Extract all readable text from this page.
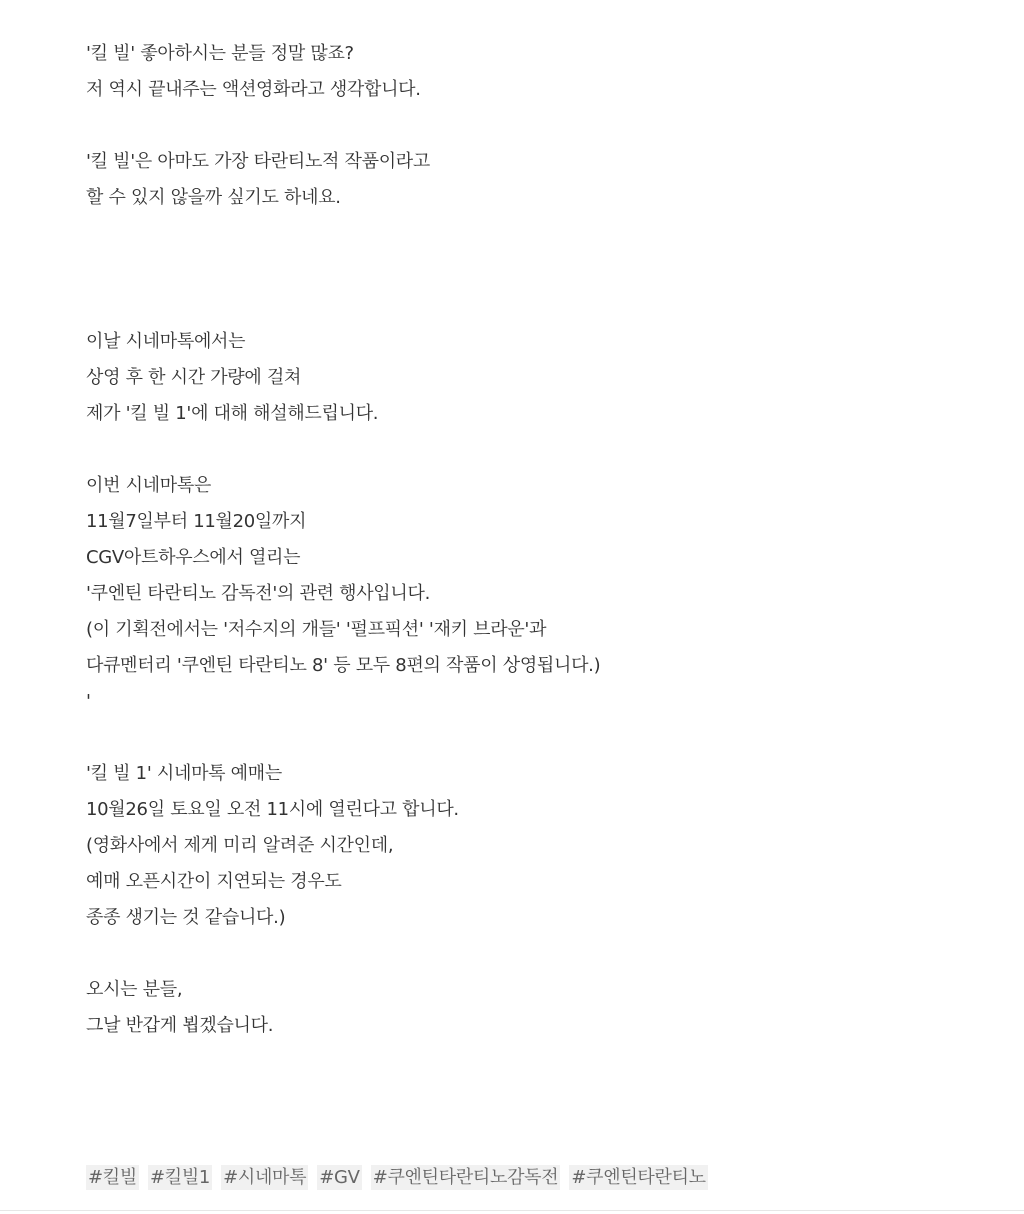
'킬 빌' 좋아하시는 분들 정말 많죠?
저 역시 끝내주는 액션영화라고 생각합니다.
'킬 빌'은 아마도 가장 타란티노적 작품이라고
할 수 있지 않을까 싶기도 하네요.
이날 시네마톡에서는
상영 후 한 시간 가량에 걸쳐
제가 '킬 빌 1'에 대해 해설해드립니다.
이번 시네마톡은
11월7일부터 11월20일까지
CGV아트하우스에서 열리는
'쿠엔틴 타란티노 감독전'의 관련 행사입니다.
(이 기획전에서는 '저수지의 개들' '펄프픽션' '재키 브라운'과
다큐멘터리 '쿠엔틴 타란티노 8' 등 모두 8편의 작품이 상영됩니다.)
'
'킬 빌 1' 시네마톡 예매는
10월26일 토요일 오전 11시에 열린다고 합니다.
(영화사에서 제게 미리 알려준 시간인데,
예매 오픈시간이 지연되는 경우도
종종 생기는 것 같습니다.)
오시는 분들,
그날 반갑게 뵙겠습니다.
#킬빌 #킬빌1 #시네마톡 #GV #쿠엔틴타란티노감독전 #쿠엔틴타란티노
